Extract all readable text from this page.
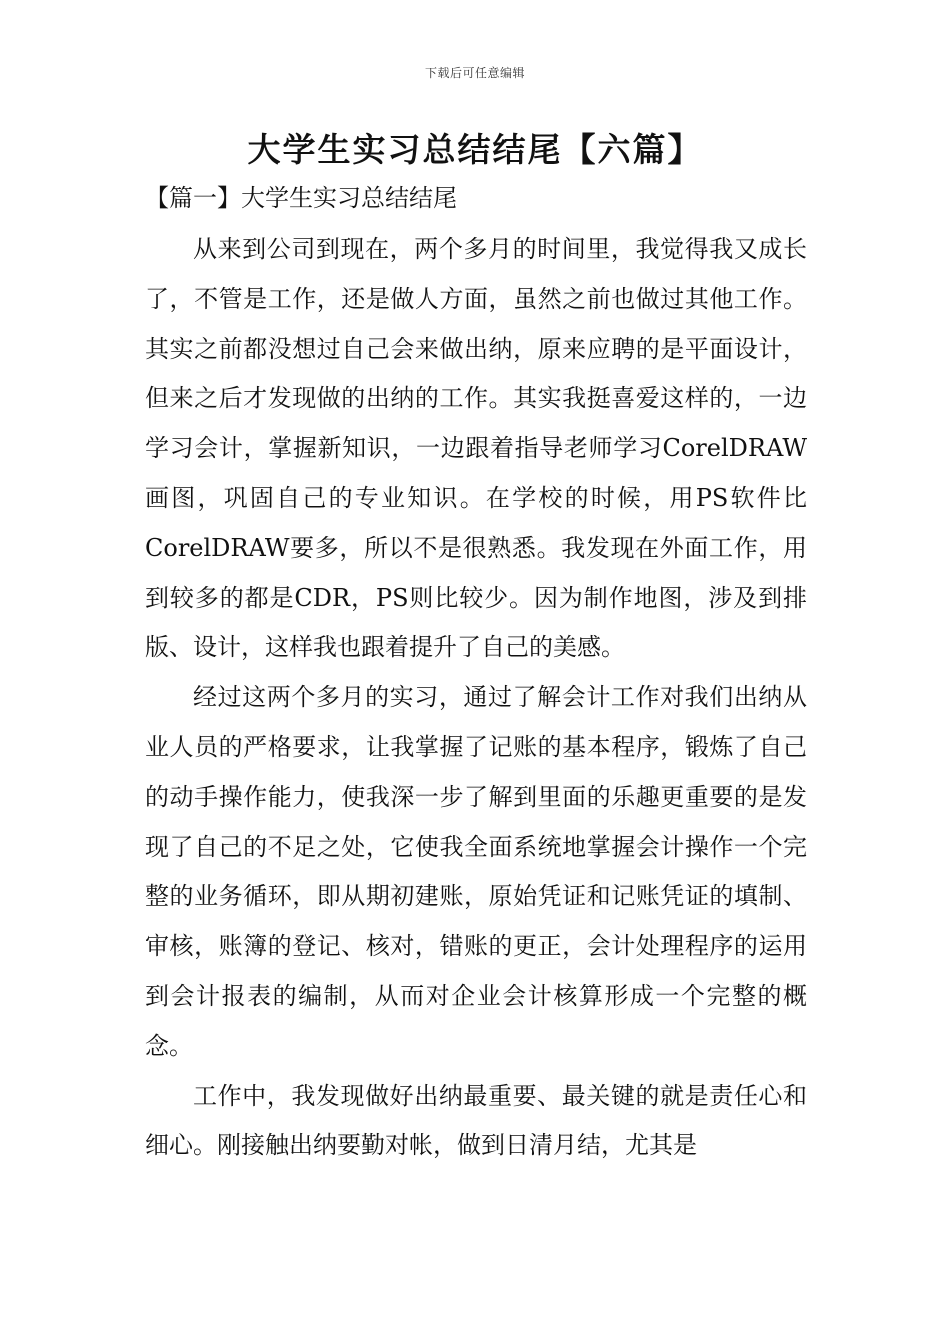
下载后可任意编辑
大学生实习总结结尾【六篇】
【篇一】大学生实习总结结尾

从来到公司到现在，两个多月的时间里，我觉得我又成长了，不管是工作，还是做人方面，虽然之前也做过其他工作。其实之前都没想过自己会来做出纳，原来应聘的是平面设计，但来之后才发现做的出纳的工作。其实我挺喜爱这样的，一边学习会计，掌握新知识，一边跟着指导老师学习CorelDRAW画图，巩固自己的专业知识。在学校的时候，用PS软件比CorelDRAW要多，所以不是很熟悉。我发现在外面工作，用到较多的都是CDR，PS则比较少。因为制作地图，涉及到排版、设计，这样我也跟着提升了自己的美感。

经过这两个多月的实习，通过了解会计工作对我们出纳从业人员的严格要求，让我掌握了记账的基本程序，锻炼了自己的动手操作能力，使我深一步了解到里面的乐趣更重要的是发现了自己的不足之处，它使我全面系统地掌握会计操作一个完整的业务循环，即从期初建账，原始凭证和记账凭证的填制、审核，账簿的登记、核对，错账的更正，会计处理程序的运用到会计报表的编制，从而对企业会计核算形成一个完整的概念。

工作中，我发现做好出纳最重要、最关键的就是责任心和细心。刚接触出纳要勤对帐，做到日清月结，尤其是
